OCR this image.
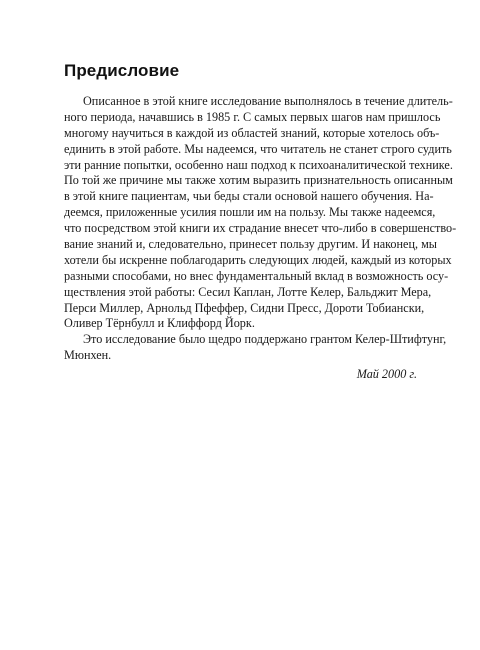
Предисловие
Описанное в этой книге исследование выполнялось в течение длитель-
ного периода, начавшись в 1985 г. С самых первых шагов нам пришлось
многому научиться в каждой из областей знаний, которые хотелось объ-
единить в этой работе. Мы надеемся, что читатель не станет строго судить
эти ранние попытки, особенно наш подход к психоаналитической технике.
По той же причине мы также хотим выразить признательность описанным
в этой книге пациентам, чьи беды стали основой нашего обучения. На-
деемся, приложенные усилия пошли им на пользу. Мы также надеемся,
что посредством этой книги их страдание внесет что-либо в совершенство-
вание знаний и, следовательно, принесет пользу другим. И наконец, мы
хотели бы искренне поблагодарить следующих людей, каждый из которых
разными способами, но внес фундаментальный вклад в возможность осу-
ществления этой работы: Сесил Каплан, Лотте Келер, Бальджит Мера,
Перси Миллер, Арнольд Пфеффер, Сидни Пресс, Дороти Тобиански,
Оливер Тёрнбулл и Клиффорд Йорк.
Это исследование было щедро поддержано грантом Келер-Штифтунг,
Мюнхен.
Май 2000 г.
